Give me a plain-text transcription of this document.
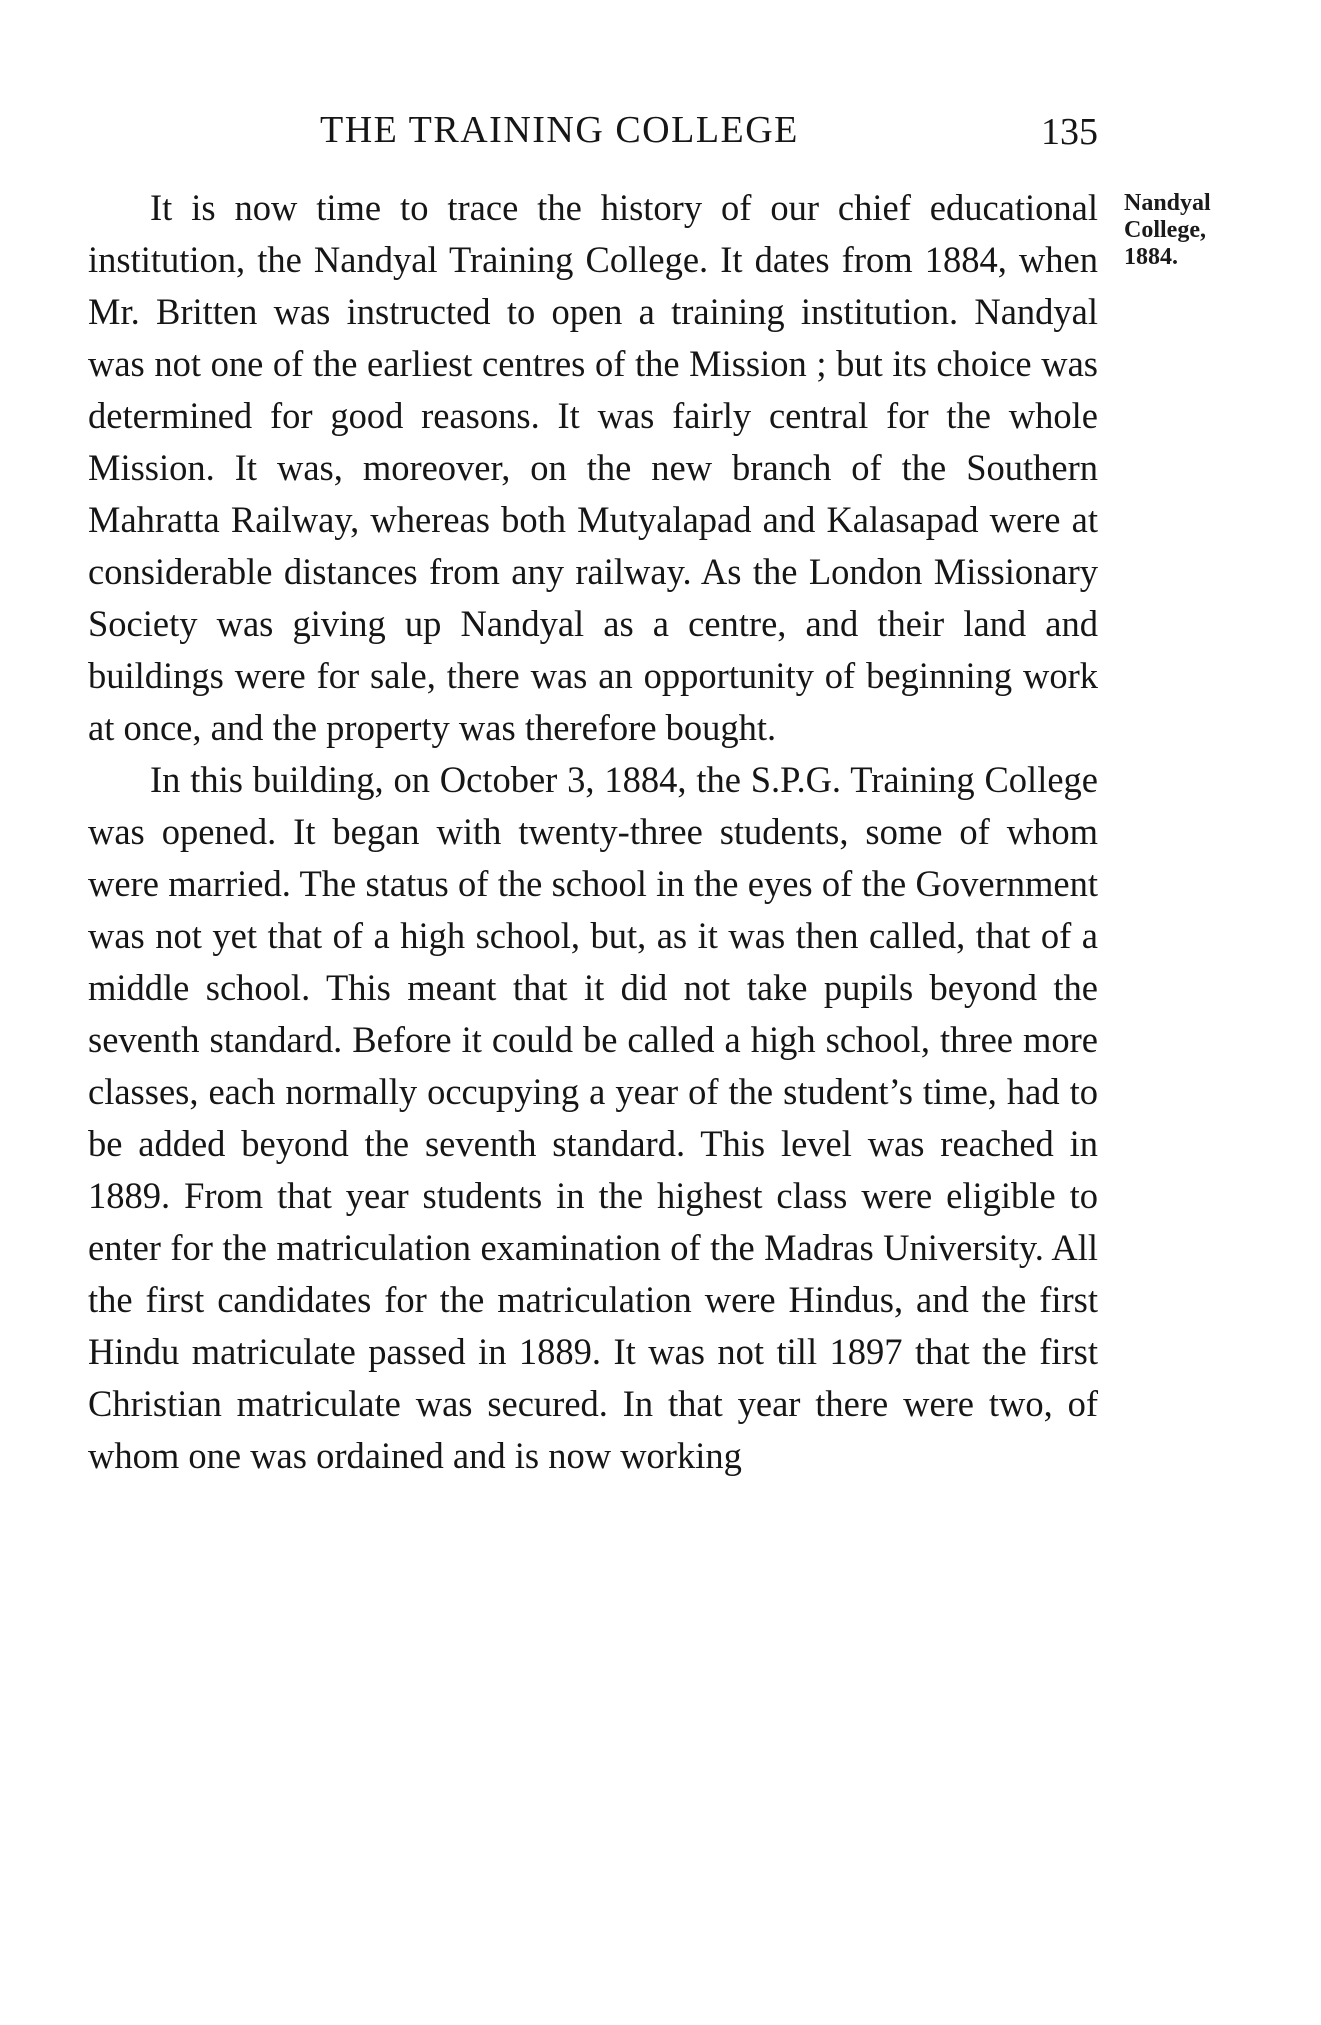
THE TRAINING COLLEGE	135

It is now time to trace the history of our chief educational institution, the Nandyal Training College. It dates from 1884, when Mr. Britten was instructed to open a training institution. Nandyal was not one of the earliest centres of the Mission ; but its choice was determined for good reasons. It was fairly central for the whole Mission. It was, moreover, on the new branch of the Southern Mahratta Railway, whereas both Mutyalapad and Kalasapad were at considerable distances from any railway. As the London Missionary Society was giving up Nandyal as a centre, and their land and buildings were for sale, there was an opportunity of beginning work at once, and the property was therefore bought.

In this building, on October 3, 1884, the S.P.G. Training College was opened. It began with twenty-three students, some of whom were married. The status of the school in the eyes of the Government was not yet that of a high school, but, as it was then called, that of a middle school. This meant that it did not take pupils beyond the seventh standard. Before it could be called a high school, three more classes, each normally occupying a year of the student’s time, had to be added beyond the seventh standard. This level was reached in 1889. From that year students in the highest class were eligible to enter for the matriculation examination of the Madras University. All the first candidates for the matriculation were Hindus, and the first Hindu matriculate passed in 1889. It was not till 1897 that the first Christian matriculate was secured. In that year there were two, of whom one was ordained and is now working

Nandyal
College,
1884.
